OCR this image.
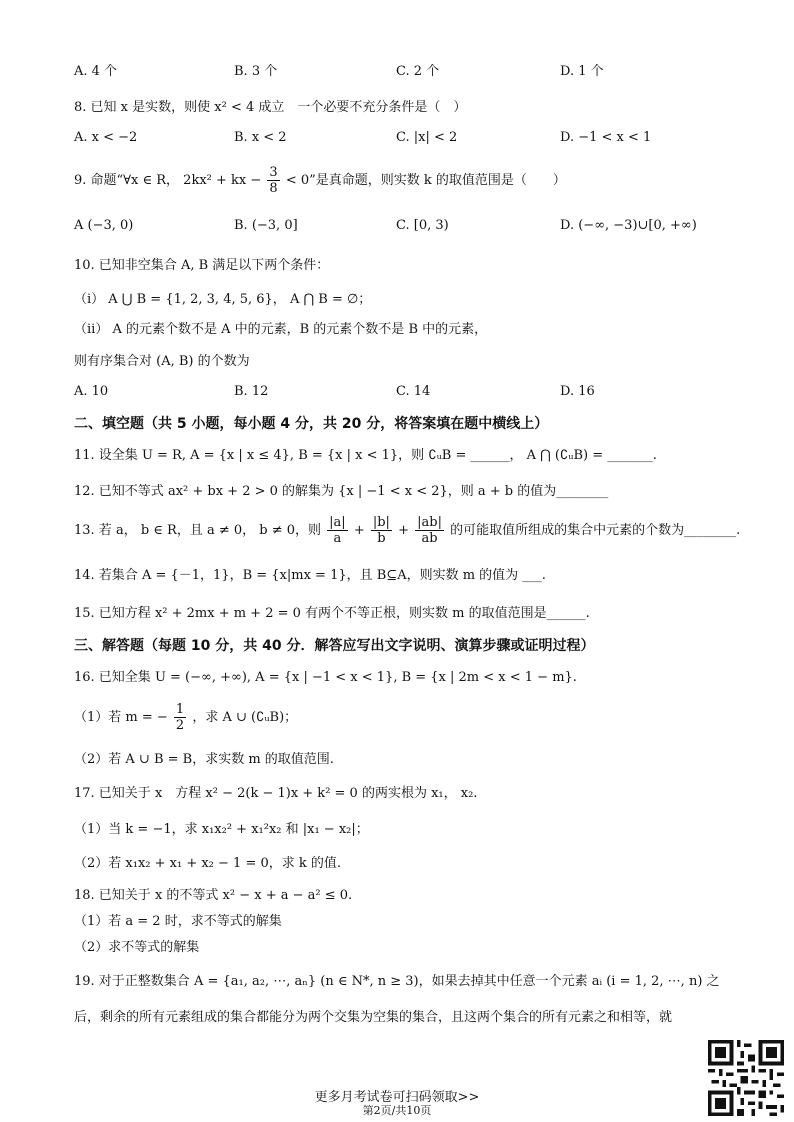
A. 4 个	B. 3 个	C. 2 个	D. 1 个
8. 已知 x 是实数，则使 x² < 4 成立　一个必要不充分条件是（　）
A. x < −2	B. x < 2	C. |x| < 2	D. −1 < x < 1
9. 命题“∀x ∈ R， 2kx² + kx − $\frac{3}{8} < 0$”是真命题，则实数 k 的取值范围是（　　）
A (−3, 0)	B. (−3, 0]	C. [0, 3)	D. (−∞, −3)∪[0, +∞)
10. 已知非空集合 A, B 满足以下两个条件：
（ⅰ） A ⋃ B = {1, 2, 3, 4, 5, 6}， A ⋂ B = ∅；
（ⅱ） A 的元素个数不是 A 中的元素，B 的元素个数不是 B 中的元素，
则有序集合对 (A, B) 的个数为
A. 10	B. 12	C. 14	D. 16
二、填空题（共 5 小题，每小题 4 分，共 20 分，将答案填在题中横线上）
11. 设全集 U = R, A = {x | x ≤ 4}, B = {x | x < 1}，则 ∁ᵤB = ______， A ⋂ (∁ᵤB) = _______.
12. 已知不等式 ax² + bx + 2 > 0 的解集为 {x | −1 < x < 2}，则 a + b 的值为________
13. 若 a， b ∈ R，且 a ≠ 0， b ≠ 0，则 $\frac{|a|}{a} + \frac{|b|}{b} + \frac{|ab|}{ab}$ 的可能取值所组成的集合中元素的个数为________.
14. 若集合 A = {－1，1}，B = {x|mx = 1}，且 B⊆A，则实数 m 的值为 ___.
15. 已知方程 x² + 2mx + m + 2 = 0 有两个不等正根，则实数 m 的取值范围是______.
三、解答题（每题 10 分，共 40 分．解答应写出文字说明、演算步骤或证明过程）
16. 已知全集 U = (−∞, +∞), A = {x | −1 < x < 1}, B = {x | 2m < x < 1 − m}.
（1）若 m = − $\frac{1}{2}$ ，求 A ∪ (∁ᵤB)；
（2）若 A ∪ B = B，求实数 m 的取值范围.
17. 已知关于 x　方程 x² − 2(k − 1)x + k² = 0 的两实根为 x₁， x₂.
（1）当 k = −1，求 x₁x₂² + x₁²x₂ 和 |x₁ − x₂|；
（2）若 x₁x₂ + x₁ + x₂ − 1 = 0，求 k 的值.
18. 已知关于 x 的不等式 x² − x + a − a² ≤ 0.
（1）若 a = 2 时，求不等式的解集
（2）求不等式的解集
19. 对于正整数集合 A = {a₁, a₂, ⋯, aₙ} (n ∈ N*, n ≥ 3)，如果去掉其中任意一个元素 aᵢ (i = 1, 2, ⋯, n) 之
后，剩余的所有元素组成的集合都能分为两个交集为空集的集合，且这两个集合的所有元素之和相等，就
更多月考试卷可扫码领取>>
第2页/共10页
